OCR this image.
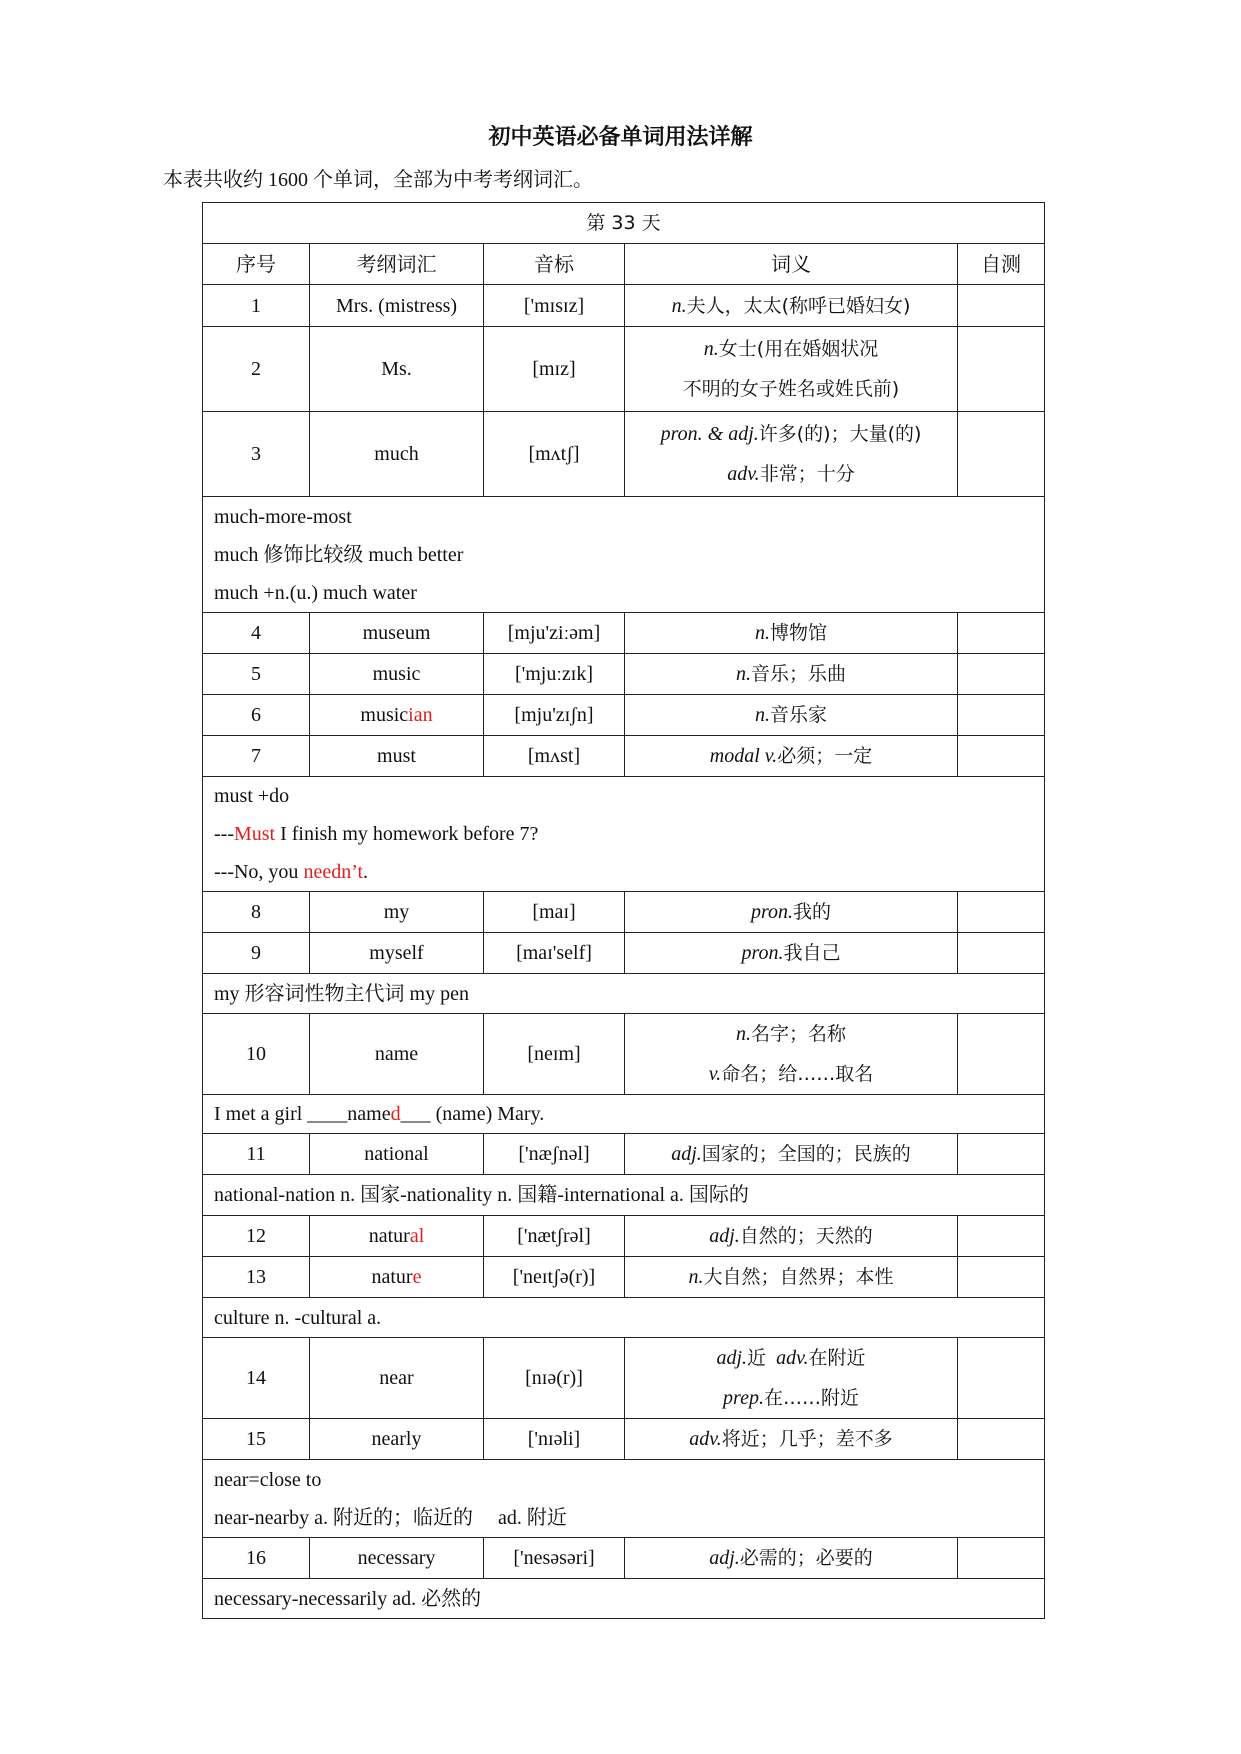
初中英语必备单词用法详解
本表共收约 1600 个单词，全部为中考考纲词汇。
第 33 天				
序号	考纲词汇	音标	词义	自测
1	Mrs. (mistress)	['mɪsɪz]	n.夫人，太太(称呼已婚妇女)	
2	Ms.	[mɪz]	n.女士(用在婚姻状况
不明的女子姓名或姓氏前)	
3	much	[mʌtʃ]	pron. & adj.许多(的)；大量(的)
adv.非常；十分	
much-more-most
much 修饰比较级 much better
much +n.(u.) much water				
4	museum	[mju'ziːəm]	n.博物馆	
5	music	['mjuːzɪk]	n.音乐；乐曲	
6	musician	[mju'zɪʃn]	n.音乐家	
7	must	[mʌst]	modal v.必须；一定	
must +do
---Must I finish my homework before 7?
---No, you needn’t.				
8	my	[maɪ]	pron.我的	
9	myself	[maɪ'self]	pron.我自己	
my 形容词性物主代词 my pen				
10	name	[neɪm]	n.名字；名称
v.命名；给……取名	
I met a girl ____named___ (name) Mary.				
11	national	['næʃnəl]	adj.国家的；全国的；民族的	
national-nation n. 国家-nationality n. 国籍-international a. 国际的				
12	natural	['nætʃrəl]	adj.自然的；天然的	
13	nature	['neɪtʃə(r)]	n.大自然；自然界；本性	
culture n. -cultural a.				
14	near	[nɪə(r)]	adj.近 adv.在附近
prep.在……附近	
15	nearly	['nɪəli]	adv.将近；几乎；差不多	
near=close to
near-nearby a. 附近的；临近的     ad. 附近				
16	necessary	['nesəsəri]	adj.必需的；必要的	
necessary-necessarily ad. 必然的				
